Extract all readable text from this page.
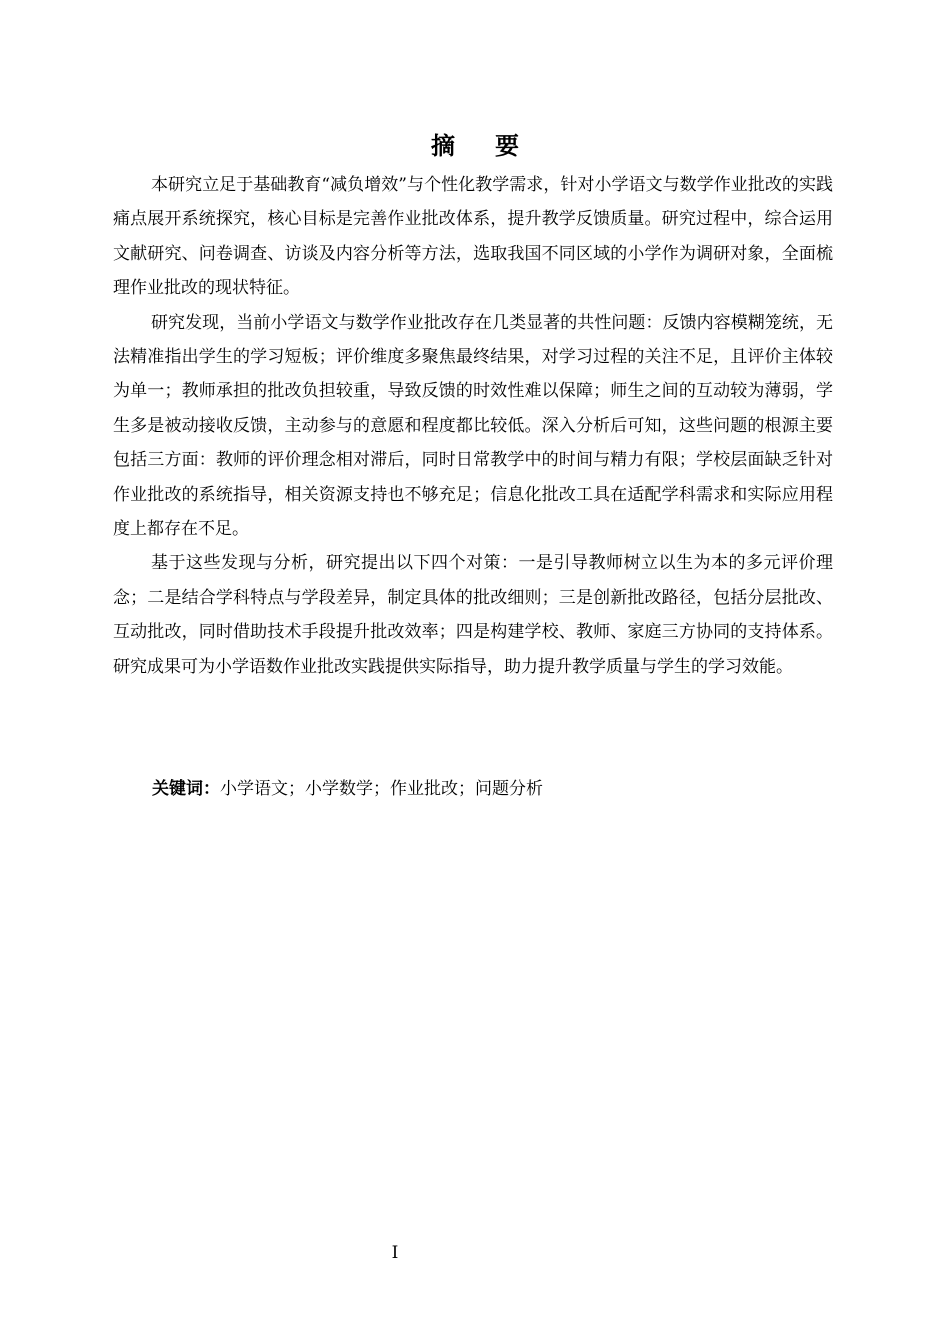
摘要

本研究立足于基础教育“减负增效”与个性化教学需求，针对小学语文与数学作业批改的实践痛点展开系统探究，核心目标是完善作业批改体系，提升教学反馈质量。研究过程中，综合运用文献研究、问卷调查、访谈及内容分析等方法，选取我国不同区域的小学作为调研对象，全面梳理作业批改的现状特征。

研究发现，当前小学语文与数学作业批改存在几类显著的共性问题：反馈内容模糊笼统，无法精准指出学生的学习短板；评价维度多聚焦最终结果，对学习过程的关注不足，且评价主体较为单一；教师承担的批改负担较重，导致反馈的时效性难以保障；师生之间的互动较为薄弱，学生多是被动接收反馈，主动参与的意愿和程度都比较低。深入分析后可知，这些问题的根源主要包括三方面：教师的评价理念相对滞后，同时日常教学中的时间与精力有限；学校层面缺乏针对作业批改的系统指导，相关资源支持也不够充足；信息化批改工具在适配学科需求和实际应用程度上都存在不足。

基于这些发现与分析，研究提出以下四个对策：一是引导教师树立以生为本的多元评价理念；二是结合学科特点与学段差异，制定具体的批改细则；三是创新批改路径，包括分层批改、互动批改，同时借助技术手段提升批改效率；四是构建学校、教师、家庭三方协同的支持体系。研究成果可为小学语数作业批改实践提供实际指导，助力提升教学质量与学生的学习效能。

关键词：小学语文；小学数学；作业批改；问题分析
I
